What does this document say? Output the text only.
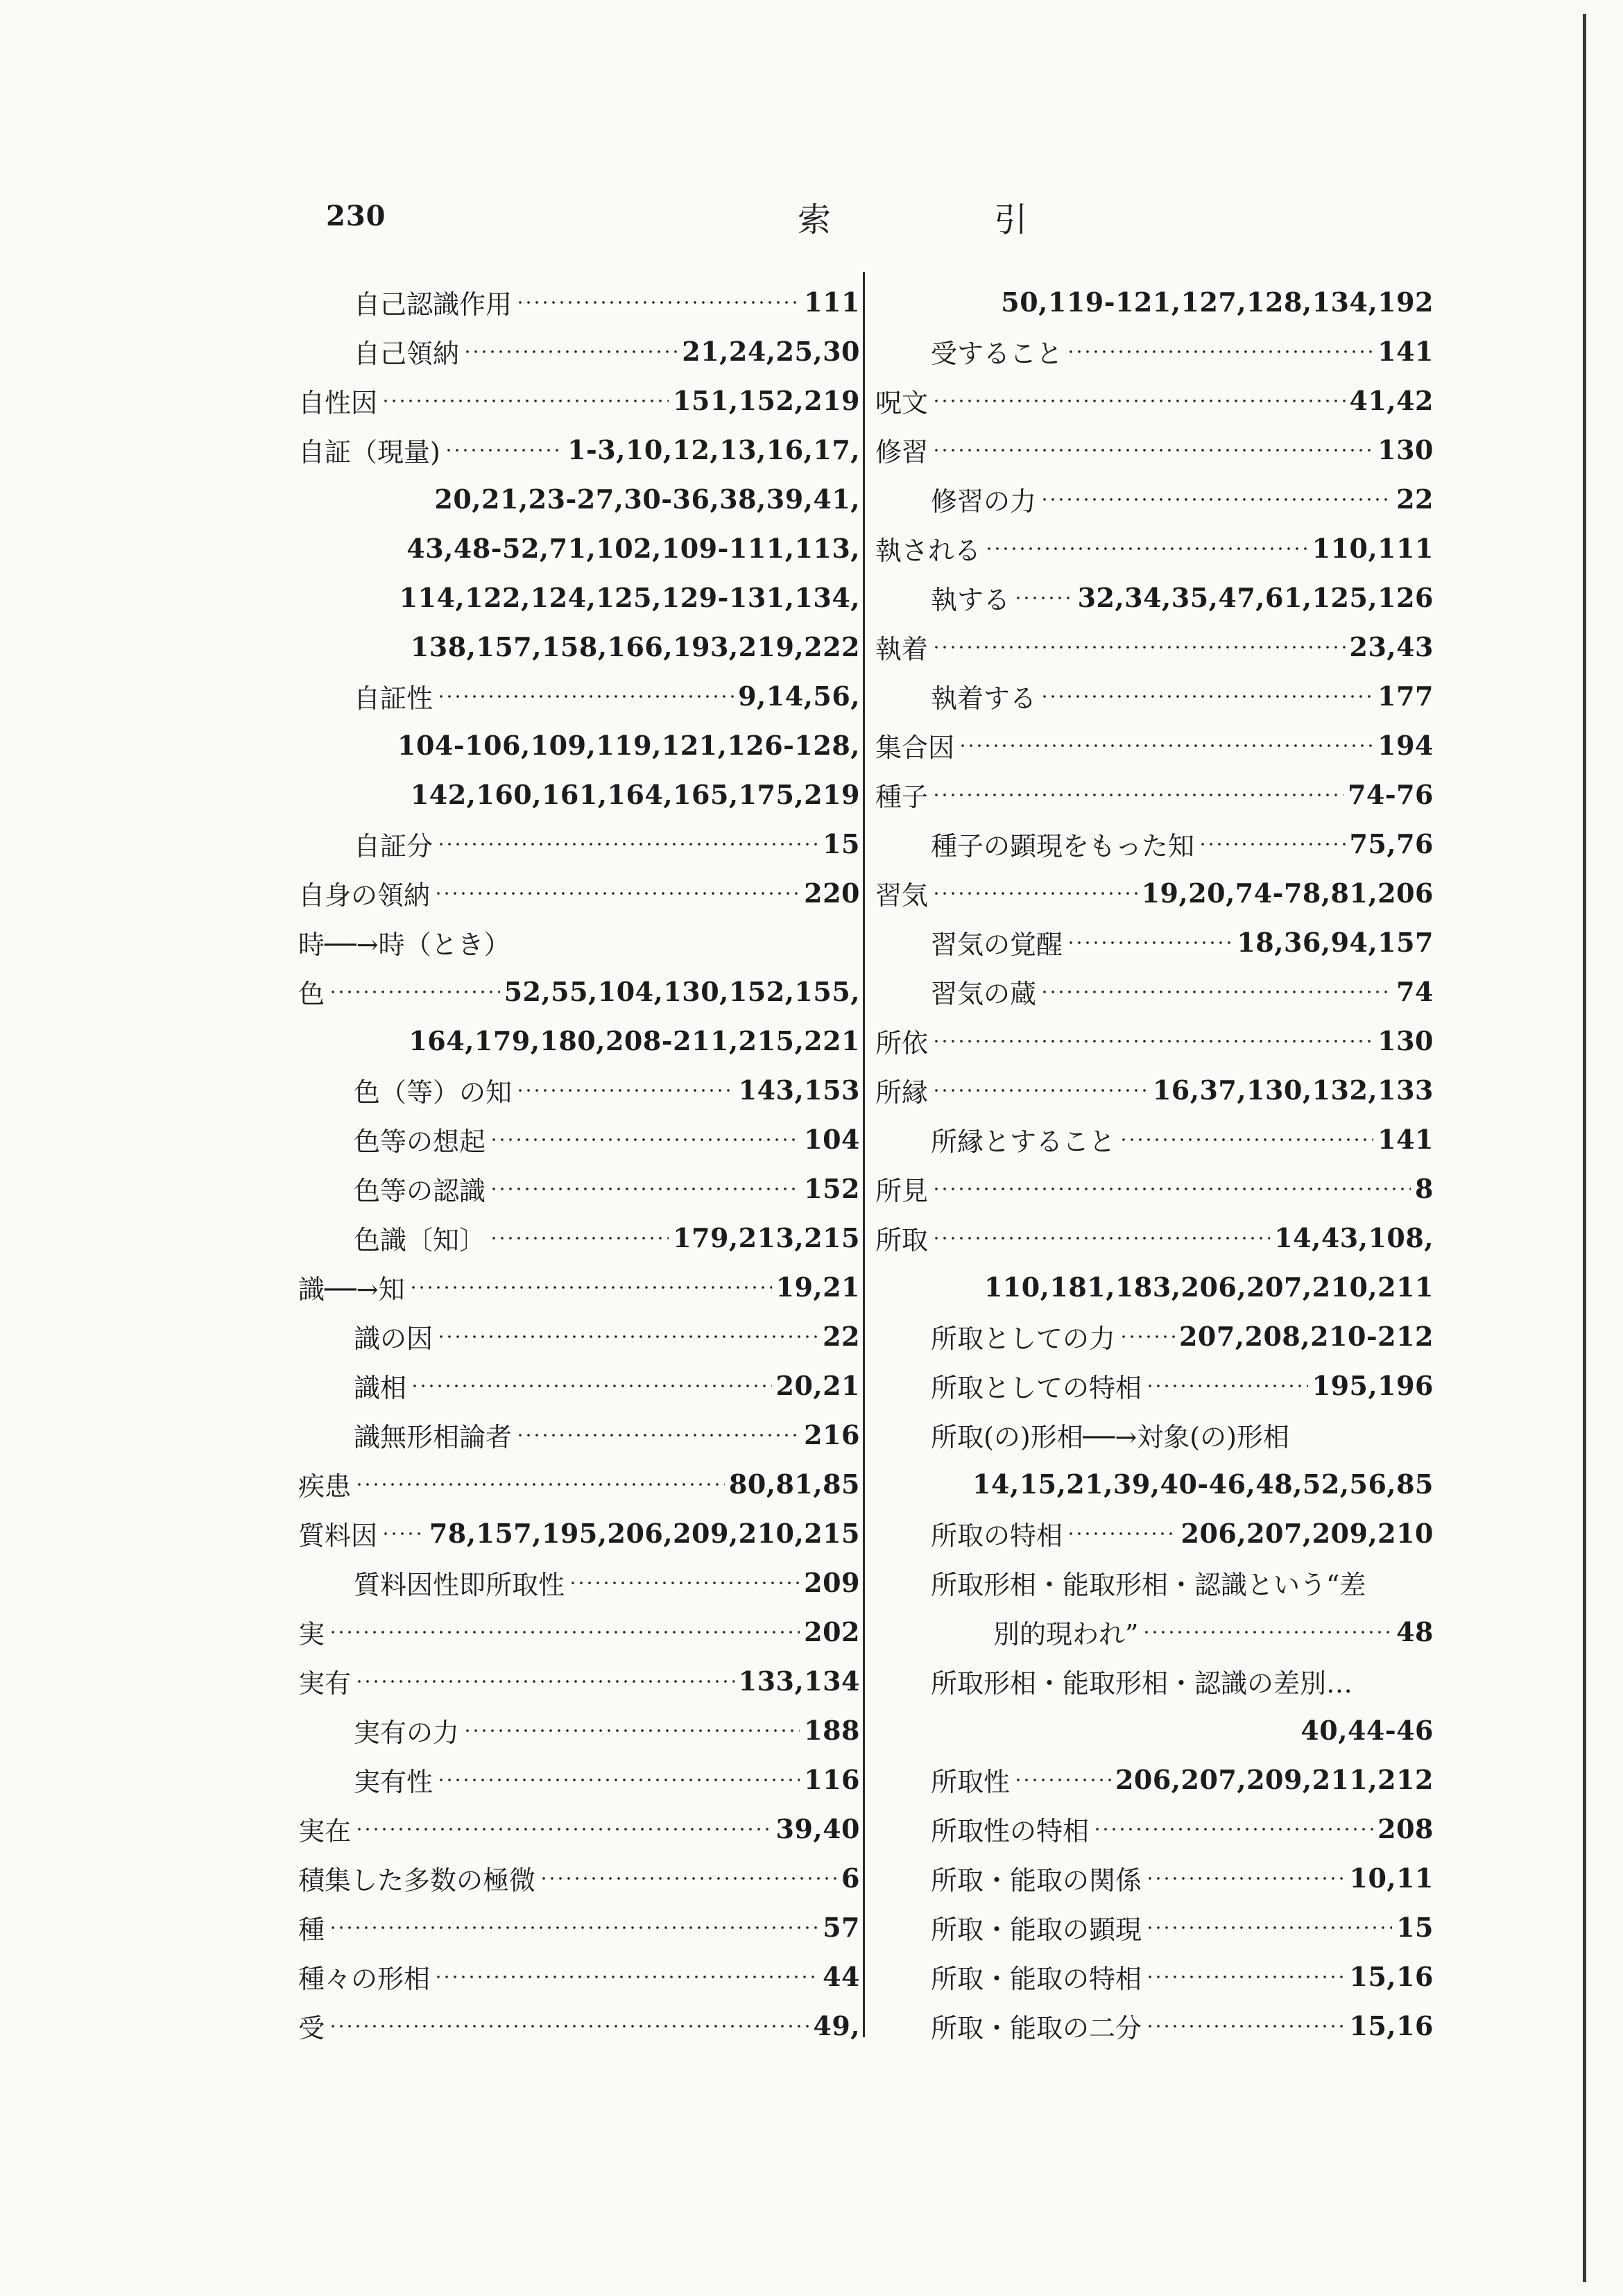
230	索 引
自己認識作用	111
自己領納	21,24,25,30
自性因	151,152,219
自証（現量)	1-3,10,12,13,16,17,
20,21,23-27,30-36,38,39,41,
43,48-52,71,102,109-111,113,
114,122,124,125,129-131,134,
138,157,158,166,193,219,222
自証性	9,14,56,
104-106,109,119,121,126-128,
142,160,161,164,165,175,219
自証分	15
自身の領納	220
時──→時（とき）
色	52,55,104,130,152,155,
164,179,180,208-211,215,221
色（等）の知	143,153
色等の想起	104
色等の認識	152
色識〔知〕	179,213,215
識──→知	19,21
識の因	22
識相	20,21
識無形相論者	216
疾患	80,81,85
質料因 78,157,195,206,209,210,215
質料因性即所取性	209
実	202
実有	133,134
実有の力	188
実有性	116
実在	39,40
積集した多数の極微	6
種	57
種々の形相	44
受	49,
50,119-121,127,128,134,192
受すること	141
呪文	41,42
修習	130
修習の力	22
執される	110,111
執する	32,34,35,47,61,125,126
執着	23,43
執着する	177
集合因	194
種子	74-76
種子の顕現をもった知	75,76
習気	19,20,74-78,81,206
習気の覚醒	18,36,94,157
習気の蔵	74
所依	130
所縁	16,37,130,132,133
所縁とすること	141
所見	8
所取	14,43,108,
110,181,183,206,207,210,211
所取としての力 207,208,210-212
所取としての特相	195,196
所取(の)形相──→対象(の)形相
14,15,21,39,40-46,48,52,56,85
所取の特相	206,207,209,210
所取形相・能取形相・認識という“差
別的現われ”	48
所取形相・能取形相・認識の差別…
40,44-46
所取性	206,207,209,211,212
所取性の特相	208
所取・能取の関係	10,11
所取・能取の顕現	15
所取・能取の特相	15,16
所取・能取の二分	15,16
